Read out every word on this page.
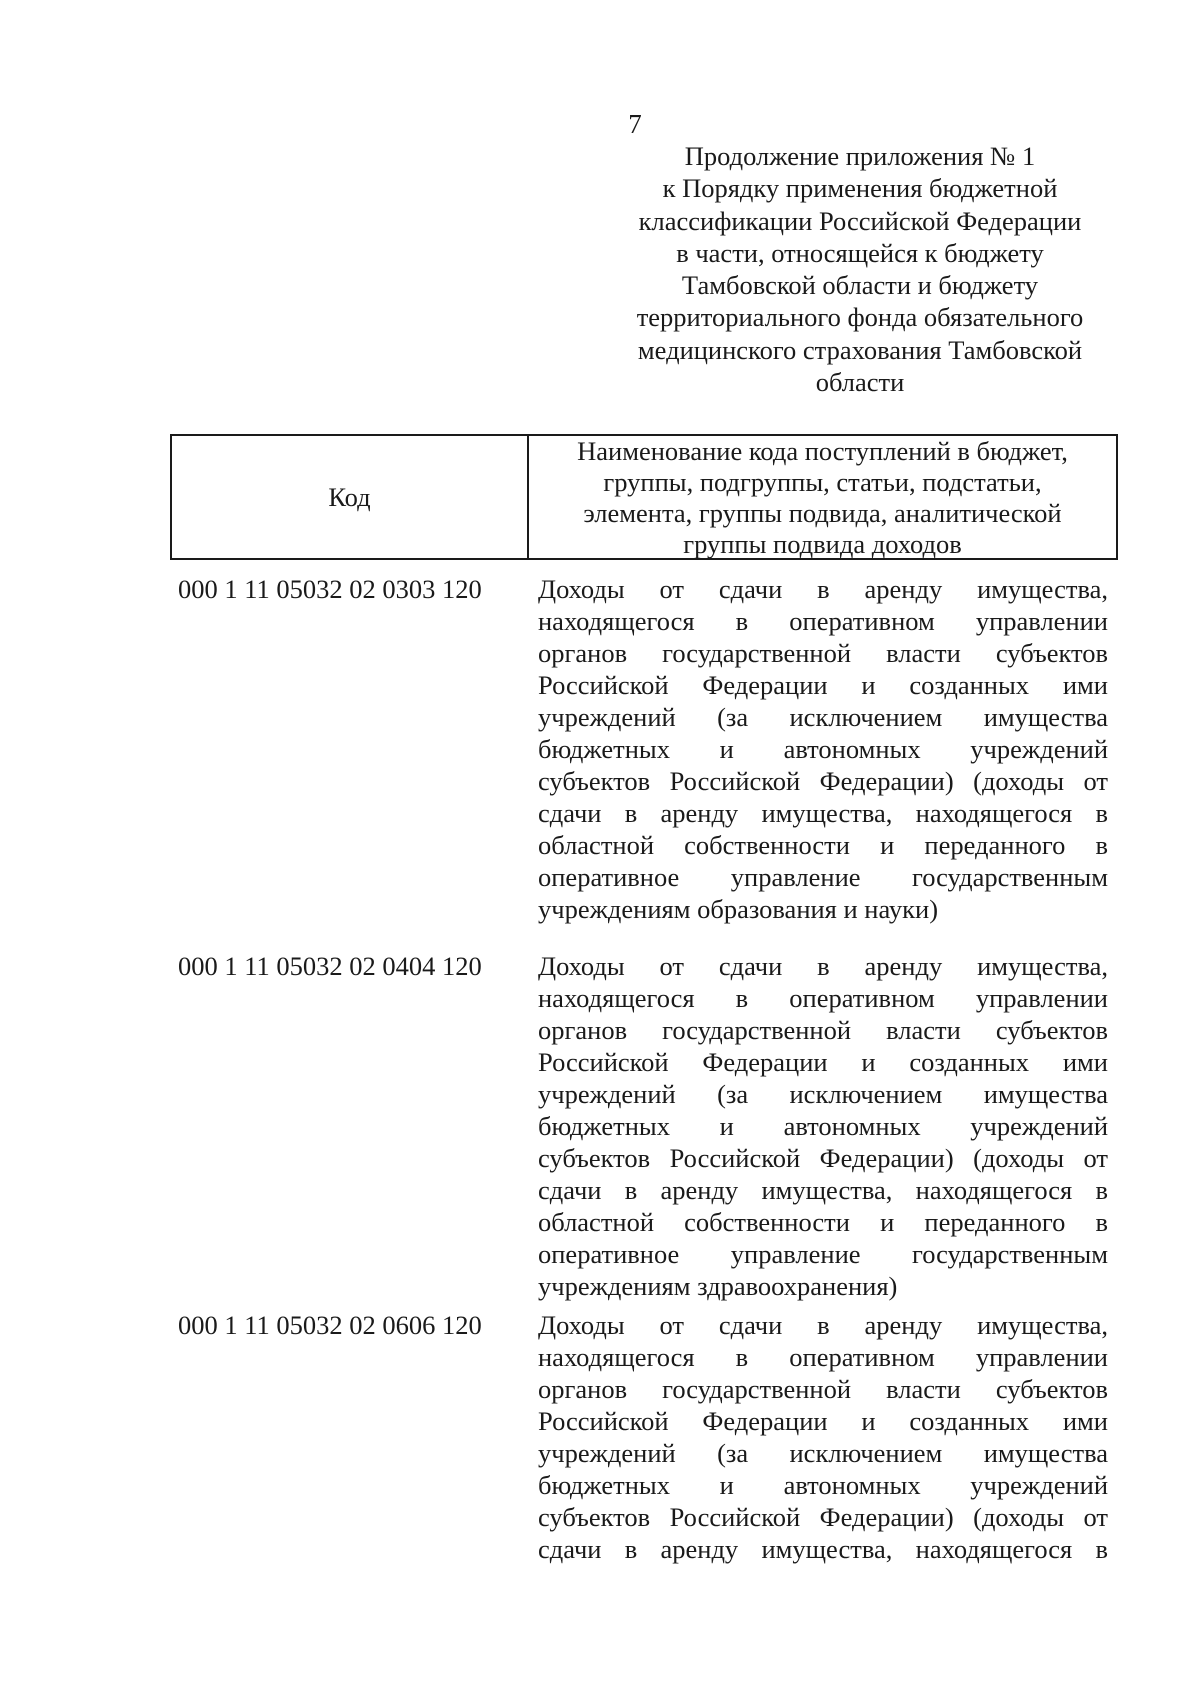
7
Продолжение приложения № 1
к Порядку применения бюджетной
классификации Российской Федерации
в части, относящейся к бюджету
Тамбовской области и бюджету
территориального фонда обязательного
медицинского страхования Тамбовской
области
Код
Наименование кода поступлений в бюджет,
группы, подгруппы, статьи, подстатьи,
элемента, группы подвида, аналитической
группы подвида доходов
000 1 11 05032 02 0303 120 Доходы от сдачи в аренду имущества,
находящегося в оперативном управлении
органов государственной власти субъектов
Российской Федерации и созданных ими
учреждений (за исключением имущества
бюджетных и автономных учреждений
субъектов Российской Федерации) (доходы от
сдачи в аренду имущества, находящегося в
областной собственности и переданного в
оперативное управление государственным
учреждениям образования и науки)
000 1 11 05032 02 0404 120 Доходы от сдачи в аренду имущества,
находящегося в оперативном управлении
органов государственной власти субъектов
Российской Федерации и созданных ими
учреждений (за исключением имущества
бюджетных и автономных учреждений
субъектов Российской Федерации) (доходы от
сдачи в аренду имущества, находящегося в
областной собственности и переданного в
оперативное управление государственным
учреждениям здравоохранения)
000 1 11 05032 02 0606 120 Доходы от сдачи в аренду имущества,
находящегося в оперативном управлении
органов государственной власти субъектов
Российской Федерации и созданных ими
учреждений (за исключением имущества
бюджетных и автономных учреждений
субъектов Российской Федерации) (доходы от
сдачи в аренду имущества, находящегося в
